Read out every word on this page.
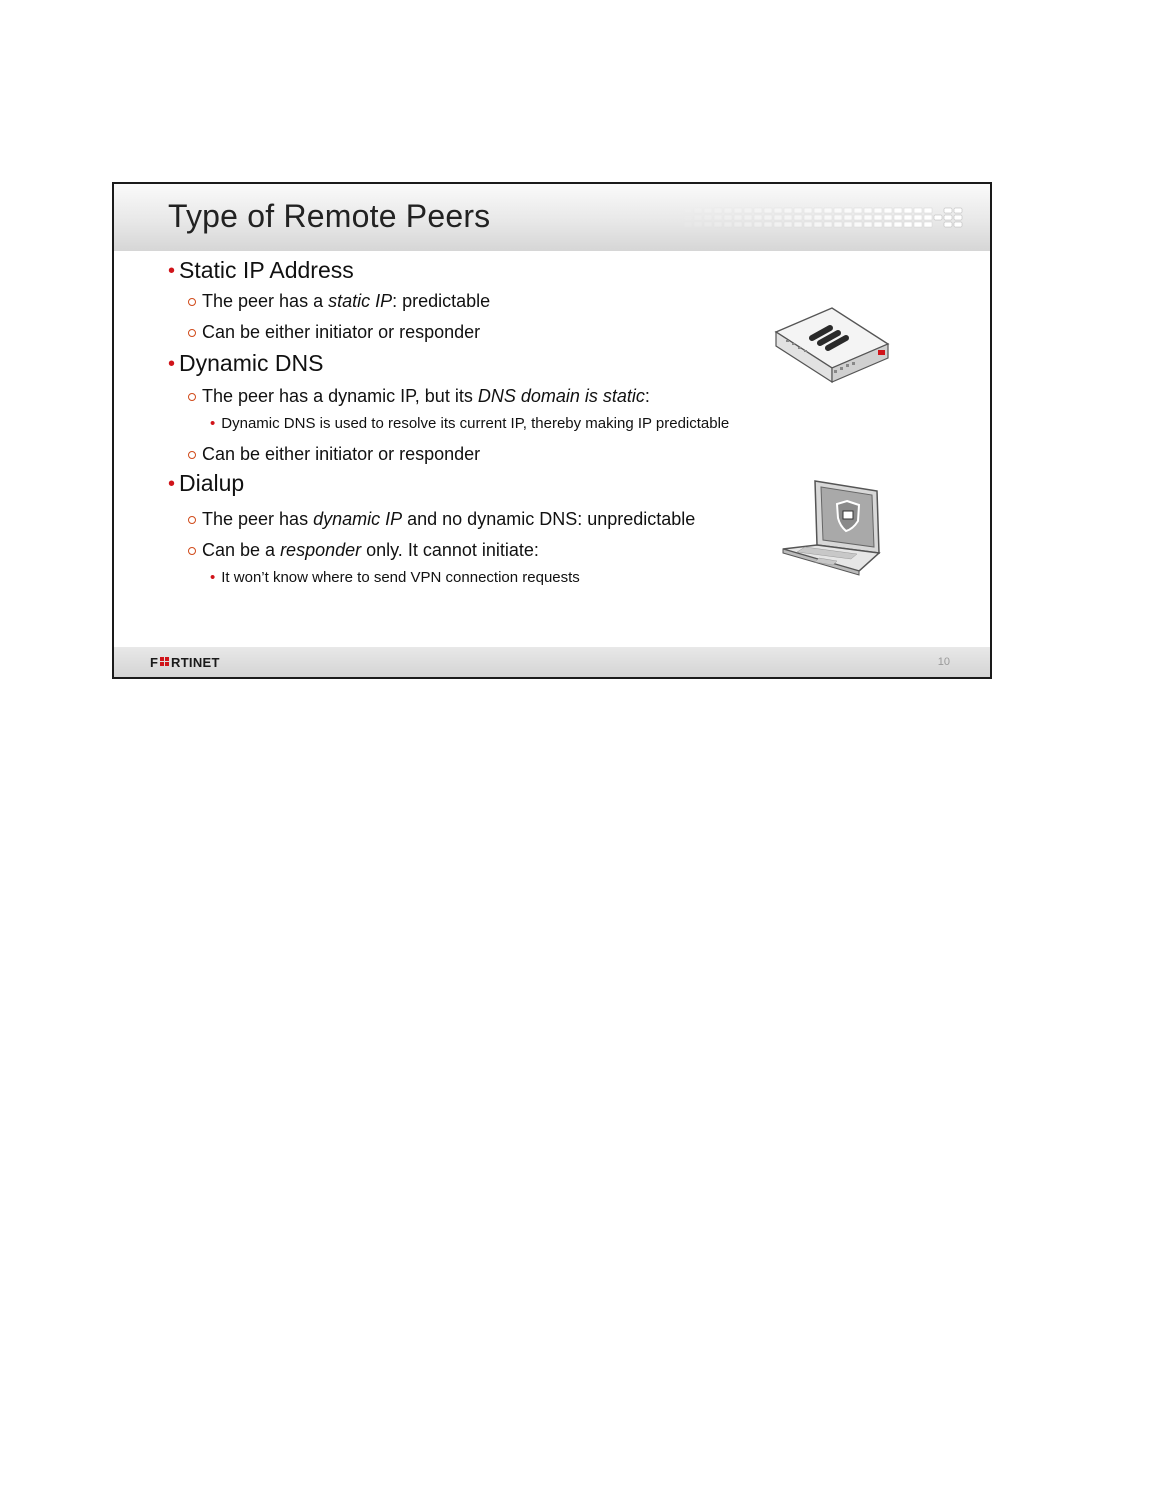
Type of Remote Peers
• Static IP Address
The peer has a static IP: predictable
Can be either initiator or responder
• Dynamic DNS
The peer has a dynamic IP, but its DNS domain is static:
• Dynamic DNS is used to resolve its current IP, thereby making IP predictable
Can be either initiator or responder
• Dialup
The peer has dynamic IP and no dynamic DNS: unpredictable
Can be a responder only. It cannot initiate:
• It won’t know where to send VPN connection requests
F RTINET	10
